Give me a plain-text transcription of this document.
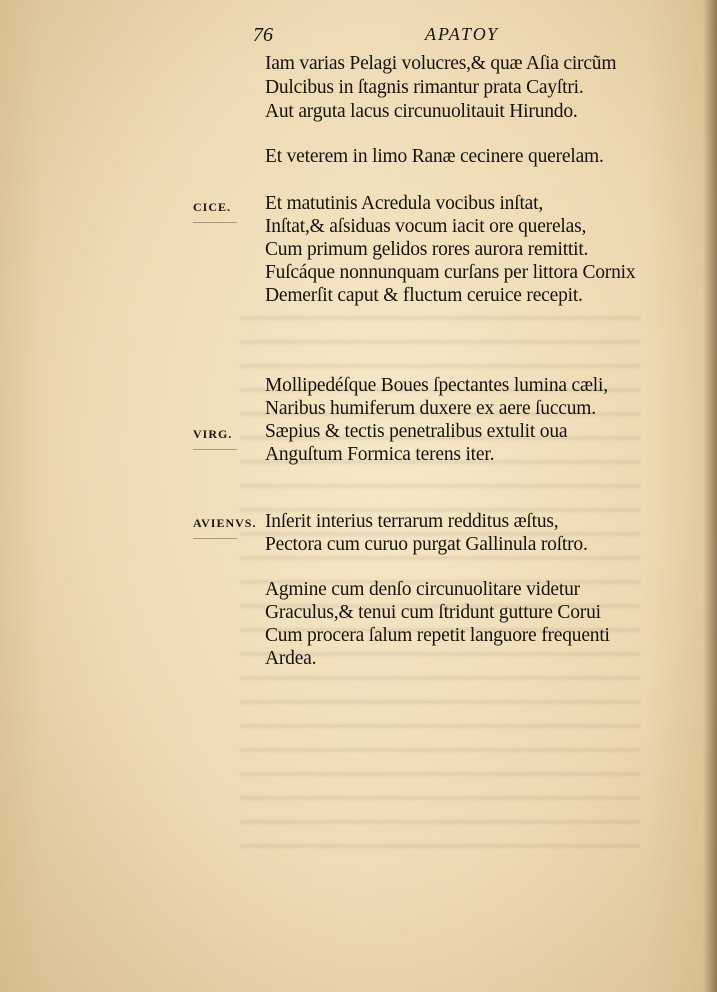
76	ΑΡΑΤΟΥ
Iam varias Pelagi volucres,& quæ Aſia circũm
Dulcibus in ſtagnis rimantur prata Cayſtri.
Aut arguta lacus circunuolitauit Hirundo.
Et veterem in limo Ranæ cecinere querelam.
CICE. Et matutinis Acredula vocibus inſtat,
Inſtat,& aſsiduas vocum iacit ore querelas,
Cum primum gelidos rores aurora remittit.
Fuſcáque nonnunquam curſans per littora Cornix
Demerſit caput & fluctum ceruice recepit.
VIRG.
Mollipedéſque Boues ſpectantes lumina cæli,
Naribus humiferum duxere ex aere ſuccum.
Sæpius & tectis penetralibus extulit oua
Anguſtum Formica terens iter.
AVIENVS. Inſerit interius terrarum redditus æſtus,
Pectora cum curuo purgat Gallinula roſtro.
Agmine cum denſo circunuolitare videtur
Graculus,& tenui cum ſtridunt gutture Corui
Cum procera ſalum repetit languore frequenti
Ardea.
